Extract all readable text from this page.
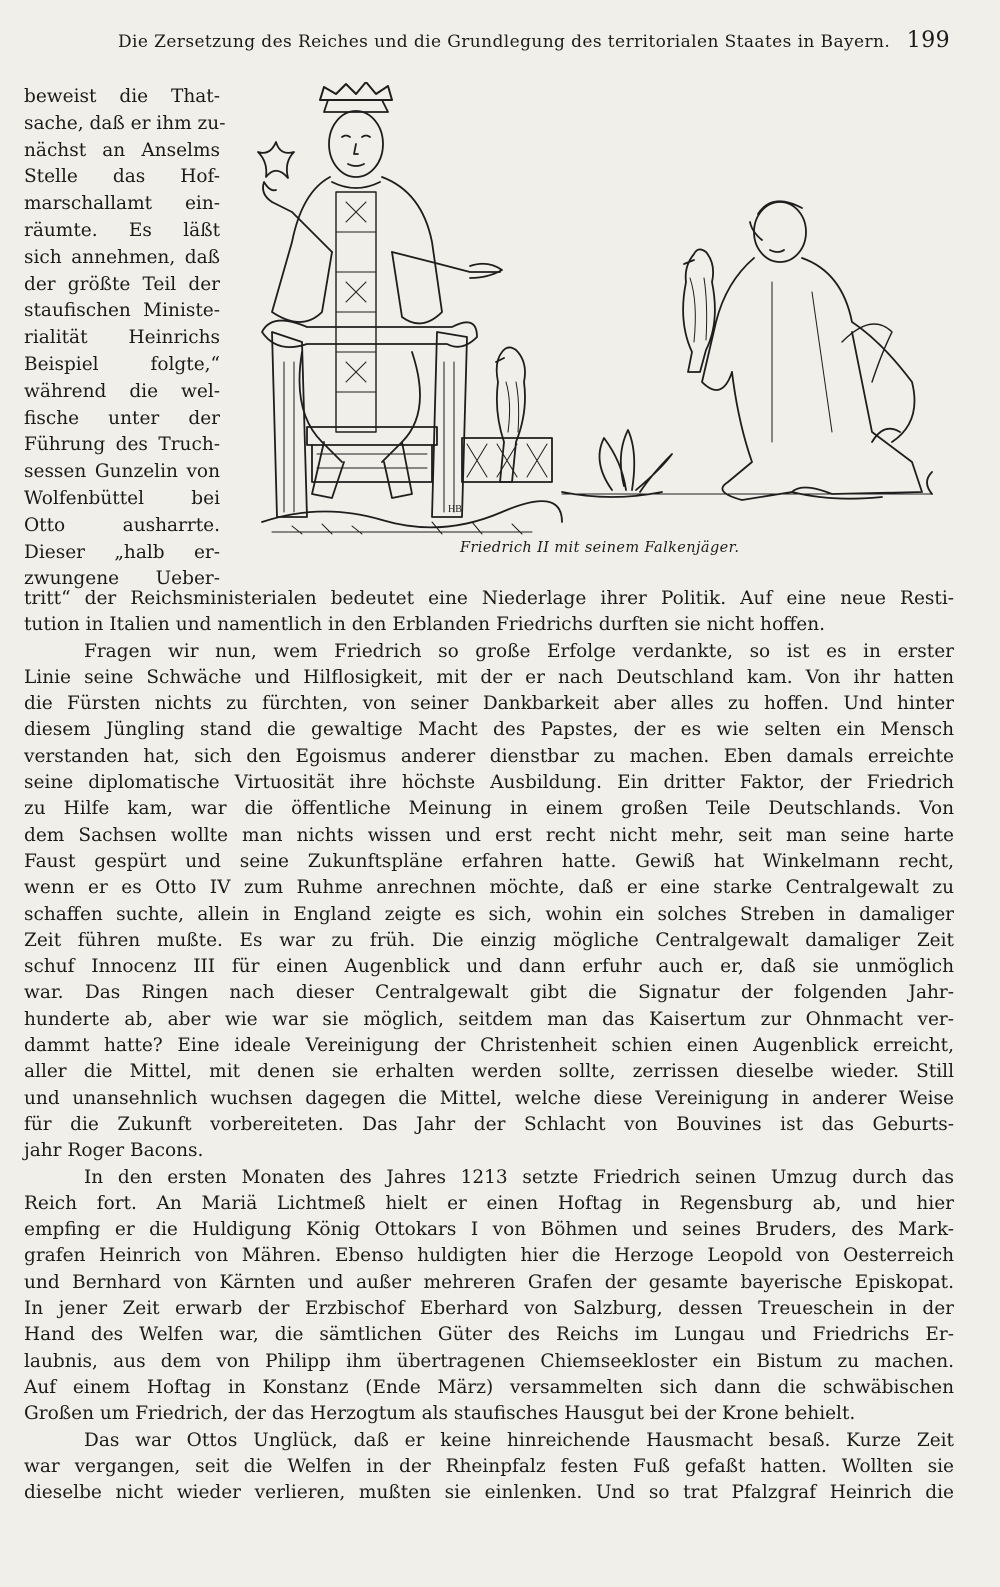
Die Zersetzung des Reiches und die Grundlegung des territorialen Staates in Bayern. 199
HB
Friedrich II mit seinem Falkenjäger.
beweist die That-
sache, daß er ihm zu-
nächst an Anselms
Stelle das Hof-
marschallamt ein-
räumte. Es läßt
sich annehmen, daß
der größte Teil der
staufischen Ministe-
rialität Heinrichs
Beispiel folgte,“
während die wel-
fische unter der
Führung des Truch-
sessen Gunzelin von
Wolfenbüttel bei
Otto ausharrte.
Dieser „halb er-
zwungene Ueber-
tritt“ der Reichsministerialen bedeutet eine Niederlage ihrer Politik. Auf eine neue Resti-
tution in Italien und namentlich in den Erblanden Friedrichs durften sie nicht hoffen.
Fragen wir nun, wem Friedrich so große Erfolge verdankte, so ist es in erster
Linie seine Schwäche und Hilflosigkeit, mit der er nach Deutschland kam. Von ihr hatten
die Fürsten nichts zu fürchten, von seiner Dankbarkeit aber alles zu hoffen. Und hinter
diesem Jüngling stand die gewaltige Macht des Papstes, der es wie selten ein Mensch
verstanden hat, sich den Egoismus anderer dienstbar zu machen. Eben damals erreichte
seine diplomatische Virtuosität ihre höchste Ausbildung. Ein dritter Faktor, der Friedrich
zu Hilfe kam, war die öffentliche Meinung in einem großen Teile Deutschlands. Von
dem Sachsen wollte man nichts wissen und erst recht nicht mehr, seit man seine harte
Faust gespürt und seine Zukunftspläne erfahren hatte. Gewiß hat Winkelmann recht,
wenn er es Otto IV zum Ruhme anrechnen möchte, daß er eine starke Centralgewalt zu
schaffen suchte, allein in England zeigte es sich, wohin ein solches Streben in damaliger
Zeit führen mußte. Es war zu früh. Die einzig mögliche Centralgewalt damaliger Zeit
schuf Innocenz III für einen Augenblick und dann erfuhr auch er, daß sie unmöglich
war. Das Ringen nach dieser Centralgewalt gibt die Signatur der folgenden Jahr-
hunderte ab, aber wie war sie möglich, seitdem man das Kaisertum zur Ohnmacht ver-
dammt hatte? Eine ideale Vereinigung der Christenheit schien einen Augenblick erreicht,
aller die Mittel, mit denen sie erhalten werden sollte, zerrissen dieselbe wieder. Still
und unansehnlich wuchsen dagegen die Mittel, welche diese Vereinigung in anderer Weise
für die Zukunft vorbereiteten. Das Jahr der Schlacht von Bouvines ist das Geburts-
jahr Roger Bacons.
In den ersten Monaten des Jahres 1213 setzte Friedrich seinen Umzug durch das
Reich fort. An Mariä Lichtmeß hielt er einen Hoftag in Regensburg ab, und hier
empfing er die Huldigung König Ottokars I von Böhmen und seines Bruders, des Mark-
grafen Heinrich von Mähren. Ebenso huldigten hier die Herzoge Leopold von Oesterreich
und Bernhard von Kärnten und außer mehreren Grafen der gesamte bayerische Episkopat.
In jener Zeit erwarb der Erzbischof Eberhard von Salzburg, dessen Treueschein in der
Hand des Welfen war, die sämtlichen Güter des Reichs im Lungau und Friedrichs Er-
laubnis, aus dem von Philipp ihm übertragenen Chiemseekloster ein Bistum zu machen.
Auf einem Hoftag in Konstanz (Ende März) versammelten sich dann die schwäbischen
Großen um Friedrich, der das Herzogtum als staufisches Hausgut bei der Krone behielt.
Das war Ottos Unglück, daß er keine hinreichende Hausmacht besaß. Kurze Zeit
war vergangen, seit die Welfen in der Rheinpfalz festen Fuß gefaßt hatten. Wollten sie
dieselbe nicht wieder verlieren, mußten sie einlenken. Und so trat Pfalzgraf Heinrich die
